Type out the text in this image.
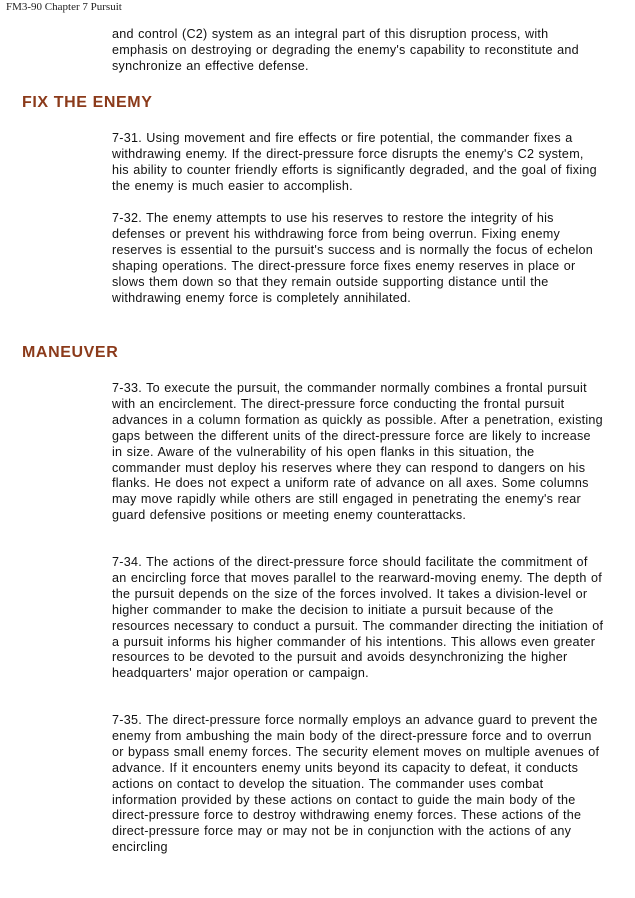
FM3-90 Chapter 7 Pursuit

and control (C2) system as an integral part of this disruption process, with emphasis on destroying or degrading the enemy's capability to reconstitute and synchronize an effective defense.

FIX THE ENEMY

7-31. Using movement and fire effects or fire potential, the commander fixes a withdrawing enemy. If the direct-pressure force disrupts the enemy's C2 system, his ability to counter friendly efforts is significantly degraded, and the goal of fixing the enemy is much easier to accomplish.

7-32. The enemy attempts to use his reserves to restore the integrity of his defenses or prevent his withdrawing force from being overrun. Fixing enemy reserves is essential to the pursuit's success and is normally the focus of echelon shaping operations. The direct-pressure force fixes enemy reserves in place or slows them down so that they remain outside supporting distance until the withdrawing enemy force is completely annihilated.

MANEUVER

7-33. To execute the pursuit, the commander normally combines a frontal pursuit with an encirclement. The direct-pressure force conducting the frontal pursuit advances in a column formation as quickly as possible. After a penetration, existing gaps between the different units of the direct-pressure force are likely to increase in size. Aware of the vulnerability of his open flanks in this situation, the commander must deploy his reserves where they can respond to dangers on his flanks. He does not expect a uniform rate of advance on all axes. Some columns may move rapidly while others are still engaged in penetrating the enemy's rear guard defensive positions or meeting enemy counterattacks.

7-34. The actions of the direct-pressure force should facilitate the commitment of an encircling force that moves parallel to the rearward-moving enemy. The depth of the pursuit depends on the size of the forces involved. It takes a division-level or higher commander to make the decision to initiate a pursuit because of the resources necessary to conduct a pursuit. The commander directing the initiation of a pursuit informs his higher commander of his intentions. This allows even greater resources to be devoted to the pursuit and avoids desynchronizing the higher headquarters' major operation or campaign.

7-35. The direct-pressure force normally employs an advance guard to prevent the enemy from ambushing the main body of the direct-pressure force and to overrun or bypass small enemy forces. The security element moves on multiple avenues of advance. If it encounters enemy units beyond its capacity to defeat, it conducts actions on contact to develop the situation. The commander uses combat information provided by these actions on contact to guide the main body of the direct-pressure force to destroy withdrawing enemy forces. These actions of the direct-pressure force may or may not be in conjunction with the actions of any encircling
